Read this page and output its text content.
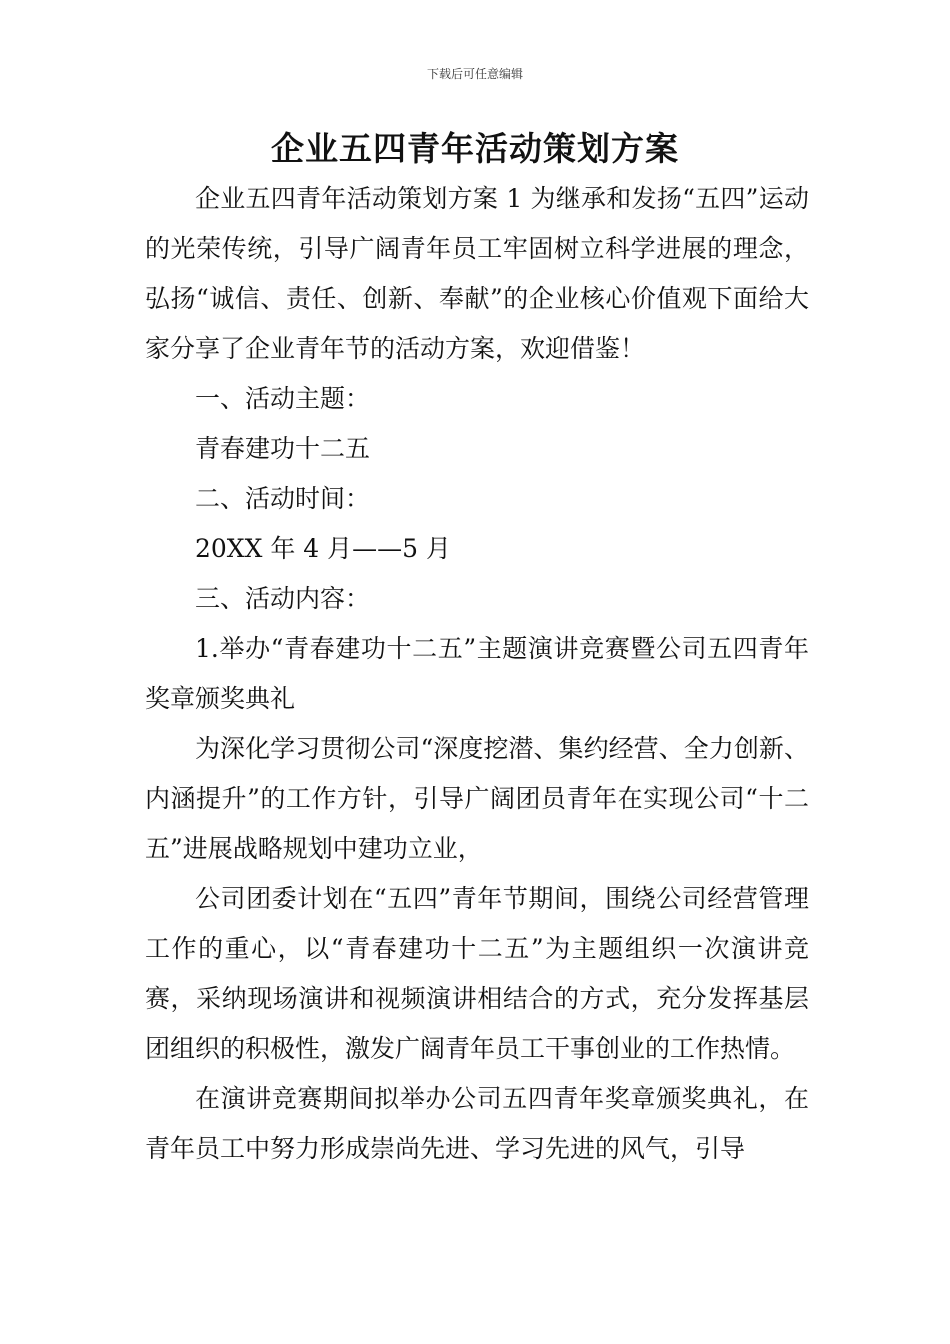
下载后可任意编辑
企业五四青年活动策划方案

企业五四青年活动策划方案 1 为继承和发扬“五四”运动的光荣传统，引导广阔青年员工牢固树立科学进展的理念，弘扬“诚信、责任、创新、奉献”的企业核心价值观下面给大家分享了企业青年节的活动方案，欢迎借鉴！

一、活动主题：

青春建功十二五

二、活动时间：

20XX 年 4 月——5 月

三、活动内容：

1.举办“青春建功十二五”主题演讲竞赛暨公司五四青年奖章颁奖典礼

为深化学习贯彻公司“深度挖潜、集约经营、全力创新、内涵提升”的工作方针，引导广阔团员青年在实现公司“十二五”进展战略规划中建功立业，

公司团委计划在“五四”青年节期间，围绕公司经营管理工作的重心，以“青春建功十二五”为主题组织一次演讲竞赛，采纳现场演讲和视频演讲相结合的方式，充分发挥基层团组织的积极性，激发广阔青年员工干事创业的工作热情。

在演讲竞赛期间拟举办公司五四青年奖章颁奖典礼，在青年员工中努力形成崇尚先进、学习先进的风气，引导
